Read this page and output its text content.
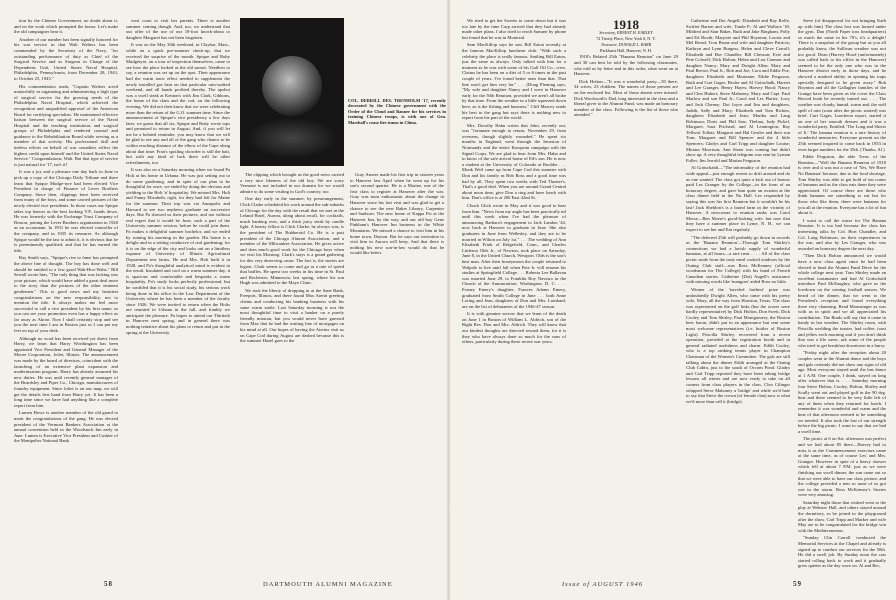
tion by the Chinese Government, no doubt about it, and on the work which prompted the honor. Let's make the old campaigner hear it.

Another of our number has been signally honored for his war service in that Walt Walters has been commended by the Secretary of the Navy, "for outstanding performance of duty as Chief of the Surgical Service and as Surgeon in Charge of the Dependents Unit, United States Naval Hospital, Philadelphia, Pennsylvania, from December 28, 1943, to October 25, 1945."

His commendation reads, "Captain Walters acted masterfully in organizing and administering a high type of surgical service for the growing needs of the Philadelphia Naval Hospital, which achieved the recognition and unqualified approval of the American Board for certifying specialists. He maintained effective liaison between the surgical service of the Naval Hospital and the teaching institutions and surgical groups of Philadelphia and rendered counsel and guidance to the Rehabilitation Board while serving as a member of that activity. His professional skill and tireless efforts on behalf of war casualties reflect the highest credit upon himself and the United States Naval Service." Congratulations, Walt. But that type of service is just natural for '17, isn't it?

It was a joy and a pleasure one day back in June to pick up a copy of the Chicago Daily Tribune and there learn that Spique Mudge-tyre had been elected Vice President in charge of Finance of Lever Brothers Company. Since then, clippings have been received from many of the boys, and some carried pictures of the newly elected vice presidents. In those cases our Spique takes top honors as the best looking V.P., hands down. He was formerly with the Exchange Trust Company of Boston, joining the Lever Brothers organization in 1920 as an accountant. In 1931 he was elected controller of the company, and in 1935 its treasurer. As although Spique would be the last to admit it, it is obvious that he is preeminently qualified; and that he has earned the title.

Ray Smith says, "Spique's rise to fame has prompted the above line of thought. The boy has done well and should be entitled to a few good Wah-Hoo-Wahs." Bill Sewall wrote him, "The only thing that was lacking was your picture, which would have added a great deal more to the story than the pictures of the other eminent gentlemen." This is good news and my heartiest congratulations on the new responsibility; not to mention the title. It always makes me feel more successful to call a vice president by his first name, as you can see your promotion even has a happy effect as far away as Akron. Now I shall certainly stop and see you the next time I am in Boston just so I can put my feet on top of your desk.

Although no word has been received yet direct from Harry, we learn that Harry Worthington has been appointed Vice President and General Manager of the Moore Corporation, Joliet, Illinois. The announcement was made by the board of directors, coincident with the launching of an extensive plant expansion and modernization program. Harry has already assumed his new duties. He was until recently general manager of the Beardsley and Piper Co., Chicago, manufacturers of foundry equipment. Since Joliet is on our map, we will get the details first hand from Harry yet. It has been a long time since we have had anything like a complete report from him.

Lumen Howe is another member of the old guard to merit the congratulations of the gang. He was elected president of the Vermont Bankers Association at the annual convention held in the Woodstock Inn early in June. Lumen is Executive Vice President and Cashier of the Montpelier National Bank.

west coast to visit her parents. There is another summer coming though. And, too, we understand that our offer of the use of our 18-foot knock-about to daughter Margaret has not been forgotten.

It was on the May 30th weekend, in Claybar, Mass., while on a quick pre-summer check-up, that we received the surprise of the month. Spique and Ruby Mudgetyre, on a tour of inspection themselves, came to see how the place looked as the old sunset. Needless to say, a reunion was set up on the spot. Their appearance had the warm tonic effect needed to supplement the newly installed gas heat on that particular rain-soaked weekend, and all hands profited thereby. The upshot was a swell steak at Kenton's with Jim Clark, Gibbons, the home of the clam and the cod, on the following evening. We did not then know that we were celebrating more than the return of the G.O. summer time. Since the announcement of Spique's vice presidency a few days later, we guess that all six, Spique and Ruby wrote tops and promised to return in August. And, if you will let me be a belated reminder, you may know that we will be glad to see any and all of the gang who chance to be within reaching distance of the elbow of the Cape along about that time. Fran's spoiling chowder is still the bait, but with any kind of luck there will be other refreshments, too.

It was also on a Saturday morning when we found Pa Holt at his home in Urbana. He was just setting out to do some gardening, and in spite of our plan to be thoughtful for once, we ended by doing the obvious and yielding to the Holt 'n' hospitality. We missed Mrs. Holt and Fanny Elizabeth, right, for they had left for Maine for the summer. Their trip was via Annapolis and Harvard to see two nephews graduate on successive days. But Pa showed us their pictures, and not without real regret that it would be June, such a part of the University summer session, before he could join them. Pa makes a delightful summer bachelor, and we ended by ruining his morning in the garden. His home is a delight and in a setting conducive of real gardening; for it is on the edge of the city and looks out on a limitless expanse of University of Illinois Agricultural Department test farms. He and Mrs. Holt built it in 1928, and Pa's thoughtful analytical mind is evident in the result. Insulated and cool on a warm summer day, it is spacious and comfortable and bespeaks a warm hospitality. Pa's study looks perfectly professional, but he confided that it is his social study, his serious work being done in his office in the Law Department of the University where he has been a member of the faculty since 1926. We were invited to return when the Holts are reunited in Urbana in the fall, and frankly we anticipate the pleasure. Pa hopes to attend our Thirtieth in Hanover next spring, and in general there was nothing tentative about his plans to return and put in the spring at the University.

COL. DERRILL DES. TRENHOLM '17, recently decorated by the Chinese government with the Order of the Cloud and Banner for his services in training Chinese troops, is with one of Gen. Marshall's cease fire teams in China.

The clipping which brought us the good news carried a very nice likeness of the old boy. We are sorry Vermont is not included in our domain for we would admire to do some visiting in God's country, too.

One day early in the summer, by prearrangement, Click Clarke scheduled his work around the sub-suburbs of Chicago for the day with the result that we met in the Leland Hotel, Aurora, along about recall, for cocktails, much banking over, and a thick juicy steak by candle light. A hearty fellow is Click Clarke, he always was, is the president of The Rubberoid Co. He is a past president of the Chicago Alumni Association, and a member of the Milwaukee Association. He gives active and does much good work for the Chicago boys when we visit his Morning. Clark's stays is a grand gathering for this very deserving cause. The fact is, the stories are legion. Clark seems to come and go at a rate of speed that baffles. He spent two weeks in his time in St. Paul and Rochester, Minnesota, last spring, where his son Hugh was admitted to the Mayo Clinic.

We took the liberty of dropping in at the Sane Bank, Freeport, Illinois, and there found Max Aterin greeting clients and conducting his banking business with his same warm smile. Last Saturday morning is not the most thoughtful time to visit a banker on a purely friendly mission, but you would never have guessed from Max that he had the waiting line of mortgages on his mind at all. Our hopes of having the Aterins visit us on Cape Cod during August are dashed because this is the summer Hazel goes to the

Gray Anseer made his first trip in sixteen years to Hanover last April when he went up for his son's second quarter. He is a Marine, one of the first class to register at Hanover after the war. Gray was most enthusiastic about the change in Hanover since his last visit and was glad to get a chance to see the new Baker Library, Carpenter and Sanborn. The new home of Kappa Psi at the Hanover Inn, by the way, and our old boy Gene Pinkham's Hanover Inn business in the White Mountains. We missed a chance to visit him in his home town, Dayton. But he says our invitation to visit him in Aurora will keep. And that there is nothing his new son-in-law would do that he would like better.

We tried to get the Sweets to come down but it was too late by the time Carp arrived that they had already made other plans. I also tried to reach Sumner by phone but found that he was in Montreal.

Sam MacKillop says he saw Bill Eaton recently at the famous MacKillop luncheon club. "With such a celebrity the place is really famous. Smiling Bill Eaton, just the same as always. Only talked with him for a moment as he was with some of his Gulf Oil Co., crew. Claims he has been on a diet of 5 or 6 times in the past couple of years. I've found better ones than that. That line won't get him very far." . . . (Doug Fleming says, "My wife and daughter Nancy and I were in Hanover early for the 50th Reunion, provided we aren't all broke by that time. From the weather in a little squeezed down here, as is the fishing and business." Cliff Marcey sends his best to the gang but says there is nothing new to report from his part of the world.

Mrs. Dorothy Hahn writes that John, recently out, was "fortunate enough to return, November 29, from overseas, though slightly wounded." He spent six months in England, went through the Invasion of Normandy and the entire European campaign with the Signal Corps. We are glad to hear from Mrs. Hahn and to know of the safe arrival home of Ed's son. He is now a student at the University of Colorado at Boulder . . . Monk Weil came up from Cape Cod this summer with Don and his family as Bob Ross and a good time was had by all. They spent two weeks with Ted Thaxter's, That's a good deal. When you are around Grand Central about noon time, give Don a ring and have lunch with him. Don's office is at 200 East 42nd St.

Chuck Glick wrote in May and it was good to hear from him. "News from my angle has been practically nil until this week when I've had the pleasure of announcing Barbara's engagement to Jack Landon '44, now back at Hanover to graduate in June. She also graduates in June from Wellesley, and they are to be married in Wilton on July 1st." . . . The wedding of Ann Elizabeth Frink of Ridgefield, Conn., and Charles Littleton Olds Jr., of Newton, took place on Saturday, June 8, in the United Church, Westport. Olds is the son's best man. After their honeymoon the couple returned to Walpole to live until fall when Pete Jr. will resume his studies at Springfield College . . . Roberta Lee Ballavan was married June 29, to Franklin Roy Navarro in the Church of the Annunciation, Washington, D. C. . . . Forney Emery's daughter, Frances Adams Emery, graduated from Smith College in June . . . both Anne Loring and Jean, daughters of Don and Mrs. Lombard, are on the list of debutantes of the 1946-47 season.

It is with genuine sorrow that we learn of the death on June 1 in Boston of William L. Aldrich, son of the Right Rev. Don and Mrs. Aldrich. They will know that our kindest thoughts are directed toward them, for it is they who have always done so much for the sons of others, particularly during these recent war years.

1918
Secretary, ERNEST H. EARLEY
72 Trinity Place, New York 6, N. Y.
Treasurer, DONALD L. BARR
Parkhurst Hall, Hanover, N. H.

1918's Belated 25th "Banana Reunion" on June 29 and 30 can best be told by the following classmates, who told us by letter and in this order, what went on at Hanover.

Dick Holton—"It was a wonderful party—50 there, 34 wives, 23 children. The names of those present are on the enclosed list. Most of those absent were missed: Dick Woolworth's Dad, long interested in the class and a liberal giver to the Alumni Fund, was made an honorary member of the class. Following is the list of those who attended."

Catherine and Dot Angell; Elizabeth and Ray Rolfe, Swifter Barton and wife, Tonde P.; Al and Wallace '18; Mildred and Stan Baker, Ruth and Jake Bingham; Polly and Ed Booth; Marjorie and Phil Boynton; Louise and Mel Bread, Tron Brune and wife and daughter Patricia; Kathryn and Lynn Burgess, Helen and Cleve Carroll; Elizabeth and Hav Chandler, Bill Chesson; Evie and Pete Colwell; Dick Holton; Helen and Lou Connaw and daughter Nancy; Mary and Dwight Allen; Mary and Paul Brewn, Paul Jr., Bob and Joe; Cora and Eddie Poe, daughters Elizabeth and Marianne; Eddie Ferguson, Ruth and Curt Gager; Besler and Al Gottschalk, Harriet and Lee Granger, Henry Hayes; Harvey Hood; Nancy and Chet Hubert; Steve Mahoney, Mary and Capt. Paul Marlow and son Paul Jr.; Carol and Les Platter; Lucy and Jack Cheney; Dot Joyce and Jim and daughters, Judith, Sally and Mary; Elizabeth and Tom Richter, daughters Elizabeth and Jean; Martha and Lang Robinson; Doris and Phil Saw, Thelma, Judy Pickel, Margaret, Sara Prichard, and Al Lennington; Ray Tellwirt Tollatt; Margaret and Hal Gestler and their son Tom; Margaret and Bill Spencer and the 4 little Spencers; Gladys and Carl Tripp and daughter Louise; Miriam Morrison; Ann Stone was coming but didn't show up. A very thoughtful telegram was sent by Lyman Fuller, Jim Jerrold and Marian Ferguson.

Al Gottschaldt—"The informality of the reunion had wide appeal—just enough events to drift around and do as one wanted. The class got quite a kick out of honors paid Les Granger by the College—in the form of an honorary degree, and gave him quite an ovation at the class dinner held in the Nu Hall. Les responded by saying this was his first Reunion but it wouldn't be his last! Jack Sheldon's is a brand farm in the vicinity of Hanover. A newcomer to reunion ranks was Carol Morse—Ben Morse's good-looking wife, but now that they have a summer place in Lyme, N. H., we can expect to see her and Em regularly.

"The deferred 25th will probably go down in records as the 'Banana Reunion'—Through Tom Shirley's connections we had a lavish supply of wonderful bananas, at all hours—a rare treat . . . . All of the class picnic aside from the tasty meal cooked outdoors by the Outing Club staff—was Ross McKenney (official woodsman for The College) with his band of French Canadian stories. Catherine (Dot) Angell's assistance with missing words like 'mangoes' aided Ross no little.

Winner of the 'traveled farthest' prize was undoubtedly Dwight Allen, who came with his pretty wife, Mary, all the way from Houston, Texas. The class was represented on the golf links (but the scores were hardly representative) by Dick Holton, Don Swett, Dick Cooley and Tom Shirley, Paul Montgomery, the Boston beer baron, didn't put in an appearance but sent some most welcome representatives (i.e. bottles of Boston Light). Priscilla Shirley, recovered from a recent operation, presided at the registration booth and in general radiated usefulness and charm. Edith Cooley, who is a top ranking tennis player in Champion Chairman of the Women's Committee. The gals are still talking about the dinner Edith arranged at the Outing Club Cabin, just to the south of Occom Pond. Gladys and Carl Tripp reported they have been taking bridge lessons all winter and are now ready to take on all comers from class players in the class. Cleo Cilinger whipped Steve Mahoney a 'bridge' and while we'd hate to say that Steve the crown (of female clan) now is what we'd more than call it (bridge).

Steve (of disapproval for not bringing Kath up with him) The class lost was hosted under the gym. Dan (North Paper toss headquarters) so much the same in his 70's, it's a delight! There is a snapshot of the group but as you all probably know, the Sullivan weather was not too good. Dean (Harvey Hood (unfortunately) was called back to his office in the Hanover) seemed to be the only one who was in the Hanover district early in those days, and he showed a marked ability in opening his traps specially designed to be given away." Bob Boynton and all the Gallagher families of the Grange have been given as the cover the Class Record book he recently turned out. . . . The weather was cloudy, humid, warm and, the well spell of rain (soon after the picnic started) was brief. Curt Gager, Luncheon report, started it on one of her smooth dresses and it was a wonderful party. Entitled: 'The Long and Shorts of It.' The banana reunion is a rare history of wonderful memories. Everyone present on the 25th seemed inspired to come back in 1953 in even larger numbers for the 35th. (Thanks, Al.)

Eddie Ferguson, the able Treas. of the Reunion—"Well the Banana Reunion of 1918 is over and it was not a case of 'Yes, We Have No Bananas' because, due to the food shortage, Tom Shirley was able to get hold of ten crates of bananas and as the class eats them they were appreciated. Of course there are those who think bananas are something to eat but for those who like them, there were bananas for you all at the reunion. Everyone has a lot of fun about it.

I want to call the roster for The Banana Reunion. It is too bad because the class has interesting talks by Col. Hort Chandler, and Col. Long Robinson, on their experiences in the war, and also by Les Granger, who was awarded an honorary degree the next day.

"Then Dick Holton announced we would have a new class agent since he had been elected to head the Alumni Fund Drive for the whole college next year. Tom Shirley made an excellent toastmaster and had Al Gottschald introduce Paul McEaughry, who gave us the lowdown on the coming football season. We heard of the dinner, that we went to the President's reception and found everything there very charming. Read Mounsinger as was with us in spirit and we all appreciated his contribution. The Brads will say that it came in handy in hot weather. The Shirley room, with Priscilla wielding the toaster, had coffee, toast and jellies each morning and if you don't think that was a life saver, ask some of the people who tried to get breakfast downtown in a hurry.

"Friday night after the reception about 20 couples went to the Alumni dance and the boys and gals certainly did not show any signs of old age. Most everyone stayed until the last dance at 1 A.M. One couple, I think, stayed on long after whatever that is. . . . Saturday morning four Steve Holton, Cooley, Holton, Shirley and Scully went out and played golf in the 90 deg. heat and there seemed to be very little left of any of them when they returned for lunch. I remember it was wonderful and warm and the heat of that afternoon seemed to be something we needed. It also took the last of our strength before the big picnic. I want to say that we had a swell time.

The picnic at 6 on Sat. afternoon was perfect and we had about 85 there—Harvey had to miss it as the Commencement exercises came at the same time, as of course Les' and Mrs. Granger. However in spite of a heavy shower which fell at about 7 P.M. just as we were finishing our swell dinner, the sun came out so that we were able to have our class picture, and the college provided a tent so none of us got wet in the storm. Ross McKenney's Stories were very amusing.

Saturday night those that wished went to the play at Webster Hall, and others stayed around the dormitory, so be joined in the playground after the show. Carl Tripp and Marker and wife May are to be congratulated for the bridge win with the Mediterraneans.

"Sunday Clin Carroll conducted the Memorial Services at the Chapel and already is signed up to conduct our services for the 50th. He did a swell job. By Sunday noon the cars started rolling back to work and it gradually grew quieter as the day wore on. Al and Bec,

58	DARTMOUTH ALUMNI MAGAZINE	Issue of AUGUST 1946	59
